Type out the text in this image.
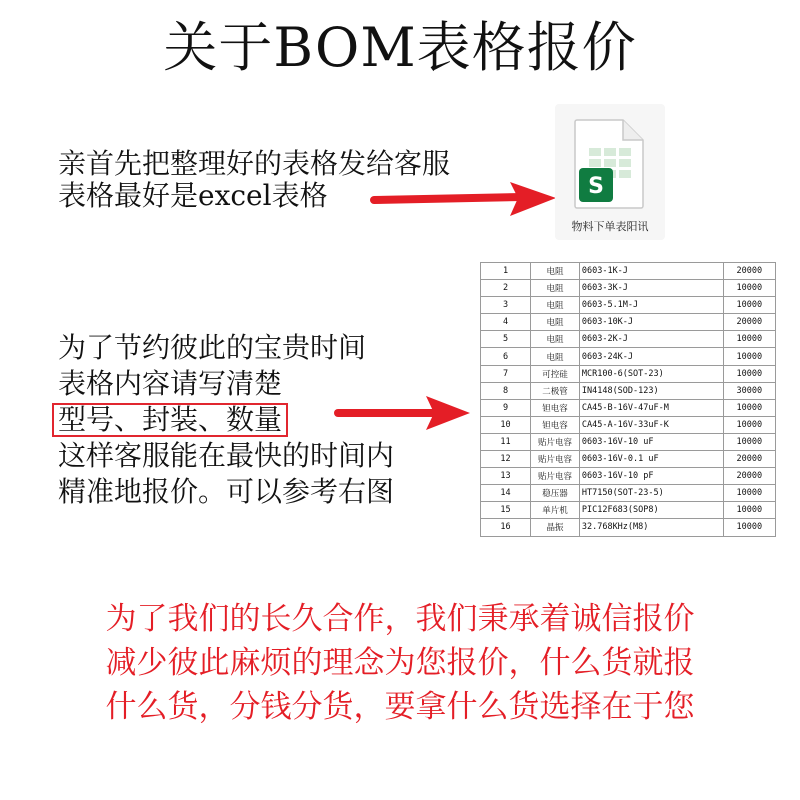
关于BOM表格报价
亲首先把整理好的表格发给客服
表格最好是excel表格	S
物料下单表阳讯
为了节约彼此的宝贵时间
表格内容请写清楚
型号、封装、数量
这样客服能在最快的时间内
精准地报价。可以参考右图
1	电阻	0603-1K-J	20000
2	电阻	0603-3K-J	10000
3	电阻	0603-5.1M-J	10000
4	电阻	0603-10K-J	20000
5	电阻	0603-2K-J	10000
6	电阻	0603-24K-J	10000
7	可控硅	MCR100-6(SOT-23)	10000
8	二极管	IN4148(SOD-123)	30000
9	钽电容	CA45-B-16V-47uF-M	10000
10	钽电容	CA45-A-16V-33uF-K	10000
11	贴片电容	0603-16V-10 uF	10000
12	贴片电容	0603-16V-0.1 uF	20000
13	贴片电容	0603-16V-10 pF	20000
14	稳压器	HT7150(SOT-23-5)	10000
15	单片机	PIC12F683(SOP8)	10000
16	晶振	32.768KHz(M8)	10000
为了我们的长久合作，我们秉承着诚信报价
减少彼此麻烦的理念为您报价，什么货就报
什么货，分钱分货，要拿什么货选择在于您
